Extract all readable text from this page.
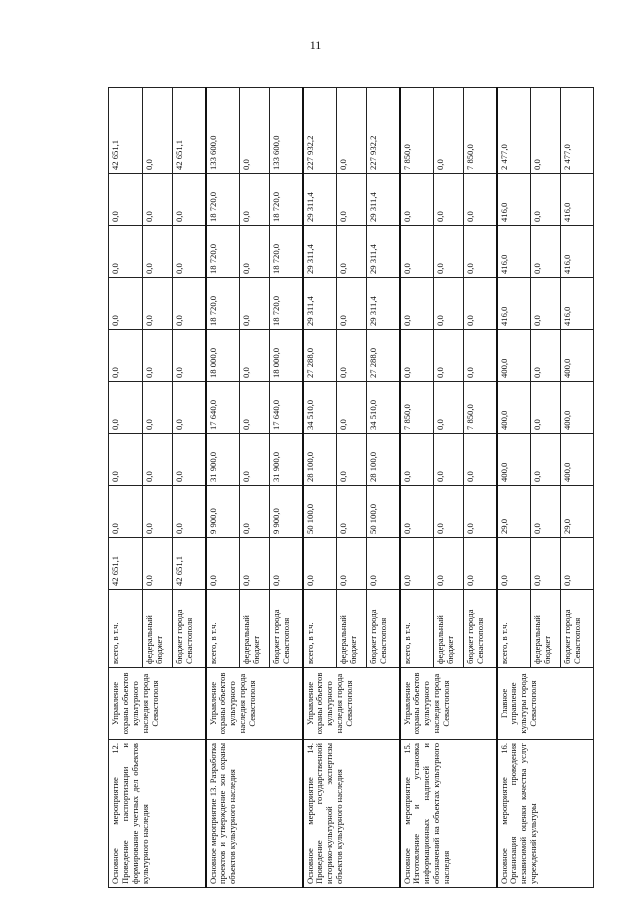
11
Основное мероприятие 12. Проведение паспортизации и формирование учетных дел объектов культурного наследия	Управление охраны объектов культурного наследия города Севастополя	всего, в т.ч.	42 651,1	0,0	0,0	0,0	0,0	0,0	0,0	0,0	42 651,1
		федеральный бюджет	0,0	0,0	0,0	0,0	0,0	0,0	0,0	0,0	0,0
		бюджет города Севастополя	42 651,1	0,0	0,0	0,0	0,0	0,0	0,0	0,0	42 651,1
Основное мероприятие 13. Разработка проектов и утверждение зон охраны объектов культурного наследия	Управление охраны объектов культурного наследия города Севастополя	всего, в т.ч.	0,0	9 900,0	31 900,0	17 640,0	18 000,0	18 720,0	18 720,0	18 720,0	133 600,0
		федеральный бюджет	0,0	0,0	0,0	0,0	0,0	0,0	0,0	0,0	0,0
		бюджет города Севастополя	0,0	9 900,0	31 900,0	17 640,0	18 000,0	18 720,0	18 720,0	18 720,0	133 600,0
Основное мероприятие 14. Проведение государственной историко-культурной экспертизы объектов культурного наследия	Управление охраны объектов культурного наследия города Севастополя	всего, в т.ч.	0,0	50 100,0	28 100,0	34 510,0	27 288,0	29 311,4	29 311,4	29 311,4	227 932,2
		федеральный бюджет	0,0	0,0	0,0	0,0	0,0	0,0	0,0	0,0	0,0
		бюджет города Севастополя	0,0	50 100,0	28 100,0	34 510,0	27 288,0	29 311,4	29 311,4	29 311,4	227 932,2
Основное мероприятие 15. Изготовление и установка информационных надписей и обозначений на объектах культурного наследия	Управление охраны объектов культурного наследия города Севастополя	всего, в т.ч.	0,0	0,0	0,0	7 850,0	0,0	0,0	0,0	0,0	7 850,0
		федеральный бюджет	0,0	0,0	0,0	0,0	0,0	0,0	0,0	0,0	0,0
		бюджет города Севастополя	0,0	0,0	0,0	7 850,0	0,0	0,0	0,0	0,0	7 850,0
Основное мероприятие 16. Организация проведения независимой оценки качества услуг учреждений культуры	Главное управление культуры города Севастополя	всего, в т.ч.	0,0	29,0	400,0	400,0	400,0	416,0	416,0	416,0	2 477,0
		федеральный бюджет	0,0	0,0	0,0	0,0	0,0	0,0	0,0	0,0	0,0
		бюджет города Севастополя	0,0	29,0	400,0	400,0	400,0	416,0	416,0	416,0	2 477,0
